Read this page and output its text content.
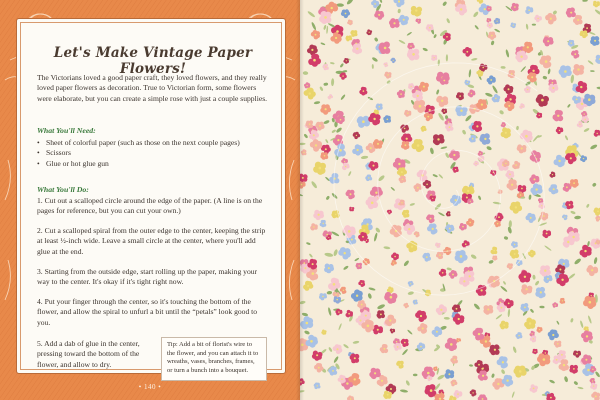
Let's Make Vintage Paper Flowers!

The Victorians loved a good paper craft, they loved flowers, and they really loved paper flowers as decoration. True to Victorian form, some flowers were elaborate, but you can create a simple rose with just a couple supplies.

What You'll Need:

• Sheet of colorful paper (such as those on the next couple pages)
• Scissors
• Glue or hot glue gun

What You'll Do:

1. Cut out a scalloped circle around the edge of the paper. (A line is on the pages for reference, but you can cut your own.)

2. Cut a scalloped spiral from the outer edge to the center, keeping the strip at least ½-inch wide. Leave a small circle at the center, where you'll add glue at the end.

3. Starting from the outside edge, start rolling up the paper, making your way to the center. It's okay if it's tight right now.

4. Put your finger through the center, so it's touching the bottom of the flower, and allow the spiral to unfurl a bit until the “petals” look good to you.

5. Add a dab of glue in the center, pressing toward the bottom of the flower, and allow to dry.

Tip: Add a bit of florist's wire to the flower, and you can attach it to wreaths, vases, branches, frames, or turn a bunch into a bouquet.
• 140 •
